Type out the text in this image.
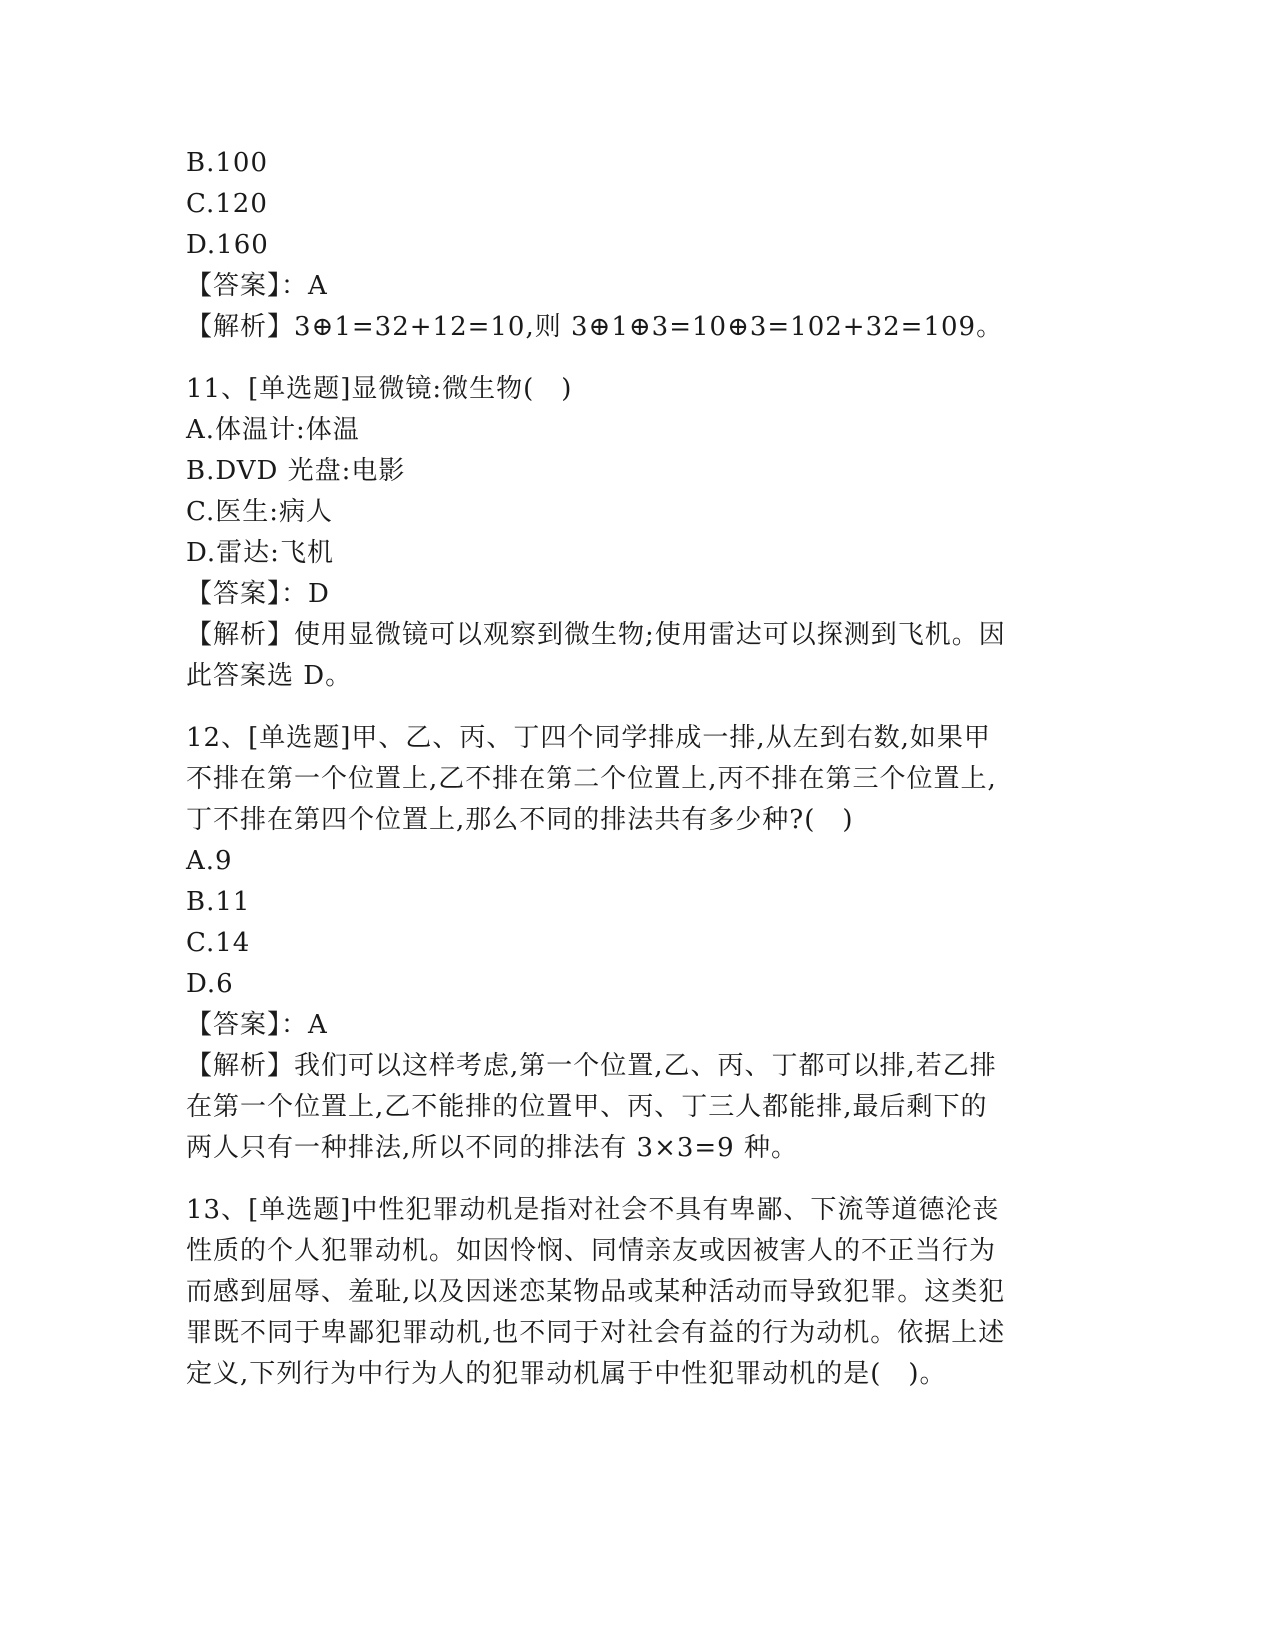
B.100
C.120
D.160
【答案】：A
【解析】3⊕1=32+12=10,则 3⊕1⊕3=10⊕3=102+32=109。
11、[单选题]显微镜:微生物(　)
A.体温计:体温
B.DVD 光盘:电影
C.医生:病人
D.雷达:飞机
【答案】：D
【解析】使用显微镜可以观察到微生物;使用雷达可以探测到飞机。因
此答案选 D。
12、[单选题]甲、乙、丙、丁四个同学排成一排,从左到右数,如果甲
不排在第一个位置上,乙不排在第二个位置上,丙不排在第三个位置上,
丁不排在第四个位置上,那么不同的排法共有多少种?(　)
A.9
B.11
C.14
D.6
【答案】：A
【解析】我们可以这样考虑,第一个位置,乙、丙、丁都可以排,若乙排
在第一个位置上,乙不能排的位置甲、丙、丁三人都能排,最后剩下的
两人只有一种排法,所以不同的排法有 3×3=9 种。
13、[单选题]中性犯罪动机是指对社会不具有卑鄙、下流等道德沦丧
性质的个人犯罪动机。如因怜悯、同情亲友或因被害人的不正当行为
而感到屈辱、羞耻,以及因迷恋某物品或某种活动而导致犯罪。这类犯
罪既不同于卑鄙犯罪动机,也不同于对社会有益的行为动机。依据上述
定义,下列行为中行为人的犯罪动机属于中性犯罪动机的是(　)。
